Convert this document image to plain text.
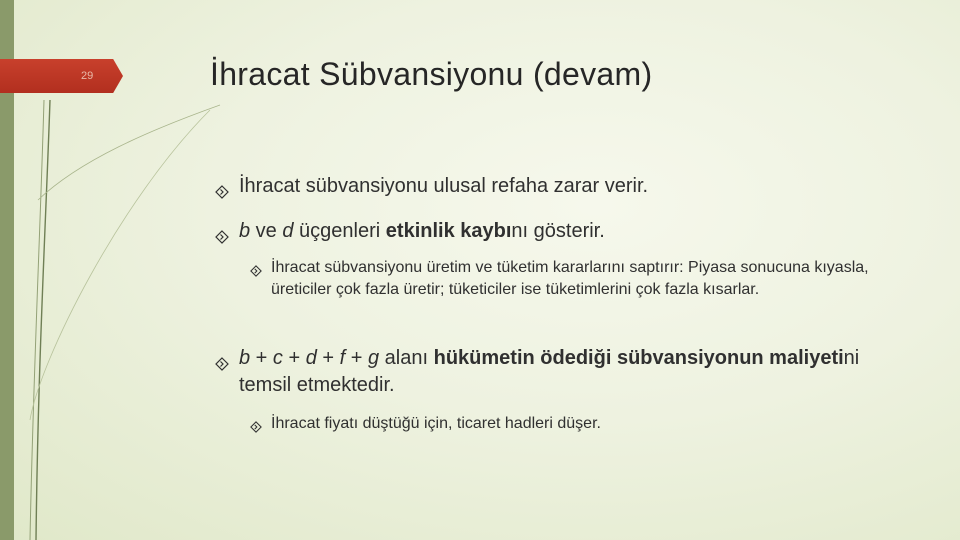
29	İhracat Sübvansiyonu (devam)

İhracat sübvansiyonu ulusal refaha zarar verir.

b ve d üçgenleri etkinlik kaybını gösterir.

İhracat sübvansiyonu üretim ve tüketim kararlarını saptırır: Piyasa sonucuna kıyasla, üreticiler çok fazla üretir; tüketiciler ise tüketimlerini çok fazla kısarlar.

b + c + d + f + g alanı hükümetin ödediği sübvansiyonun maliyetini temsil etmektedir.

İhracat fiyatı düştüğü için, ticaret hadleri düşer.
